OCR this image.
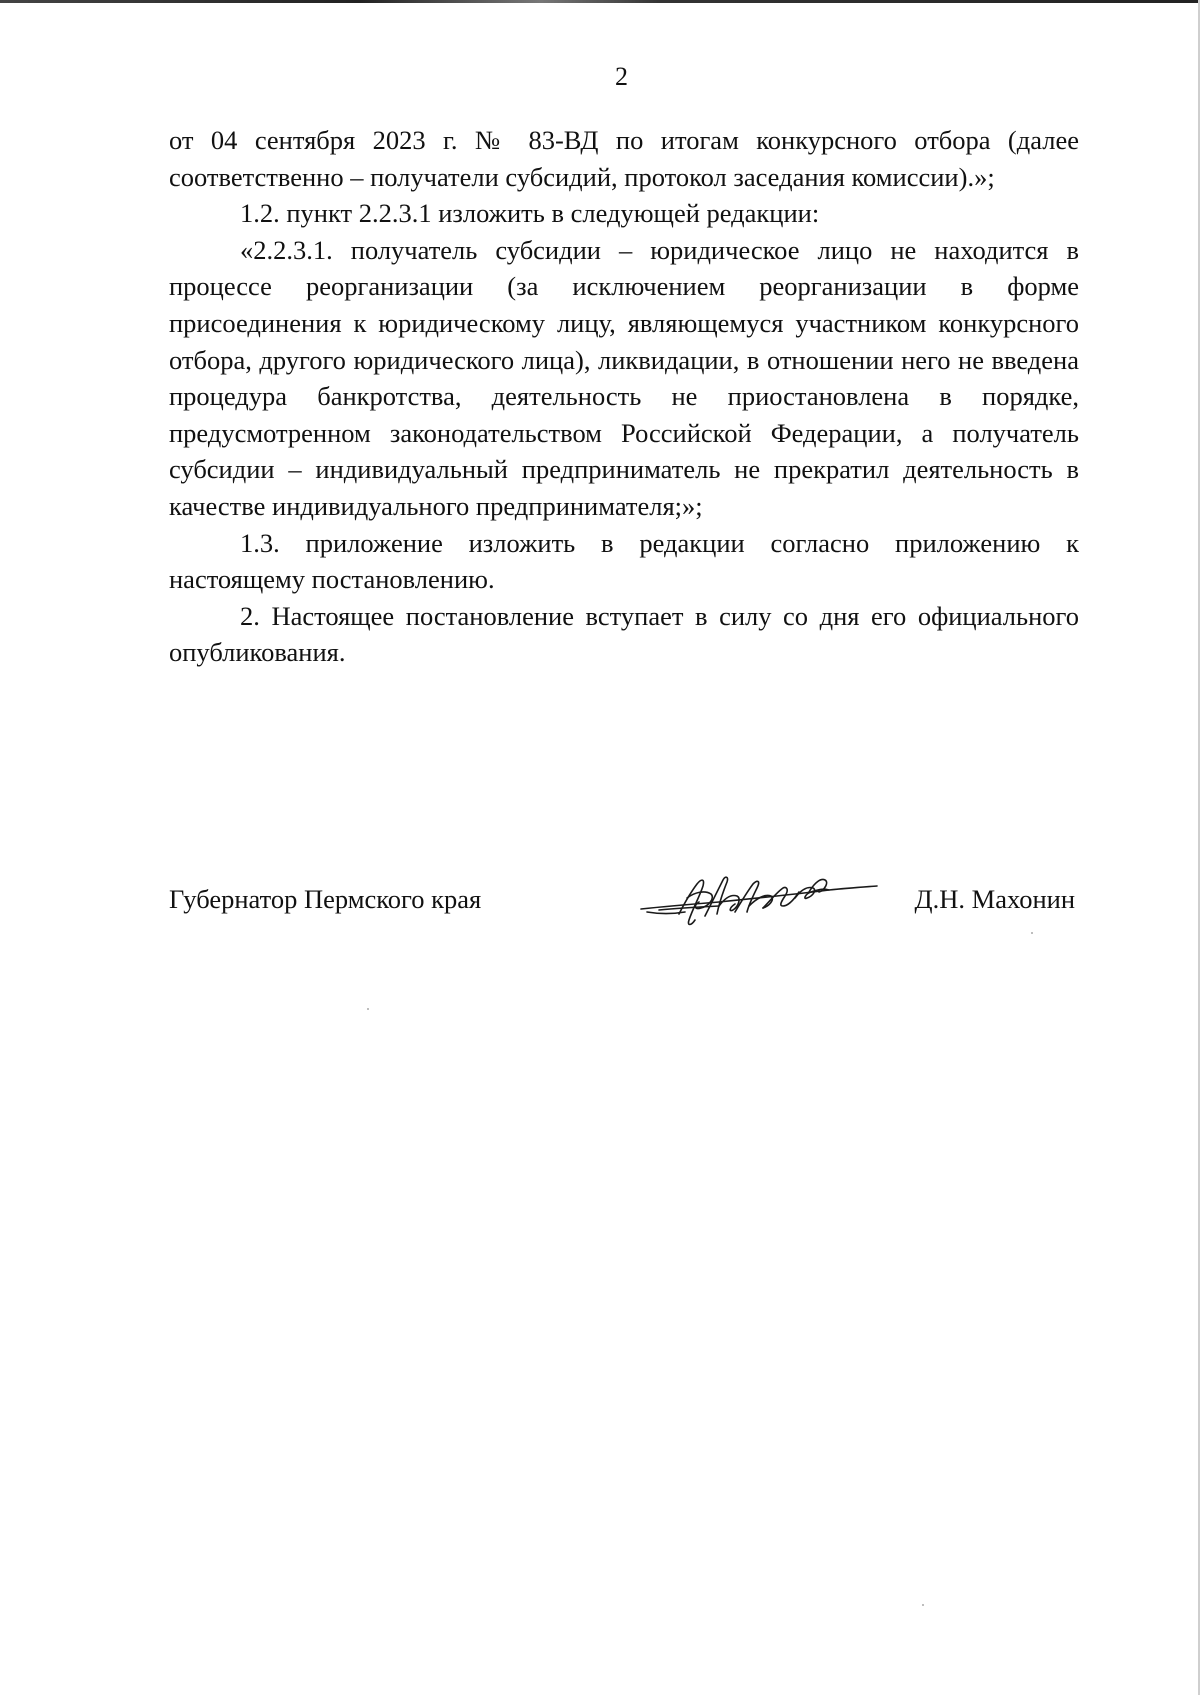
2

от 04 сентября 2023 г. № 83-ВД по итогам конкурсного отбора (далее соответственно – получатели субсидий, протокол заседания комиссии).»;

1.2. пункт 2.2.3.1 изложить в следующей редакции:

«2.2.3.1. получатель субсидии – юридическое лицо не находится в процессе реорганизации (за исключением реорганизации в форме присоединения к юридическому лицу, являющемуся участником конкурсного отбора, другого юридического лица), ликвидации, в отношении него не введена процедура банкротства, деятельность не приостановлена в порядке, предусмотренном законодательством Российской Федерации, а получатель субсидии – индивидуальный предприниматель не прекратил деятельность в качестве индивидуального предпринимателя;»;

1.3. приложение изложить в редакции согласно приложению к настоящему постановлению.

2. Настоящее постановление вступает в силу со дня его официального опубликования.

Губернатор Пермского края	Д.Н. Махонин
